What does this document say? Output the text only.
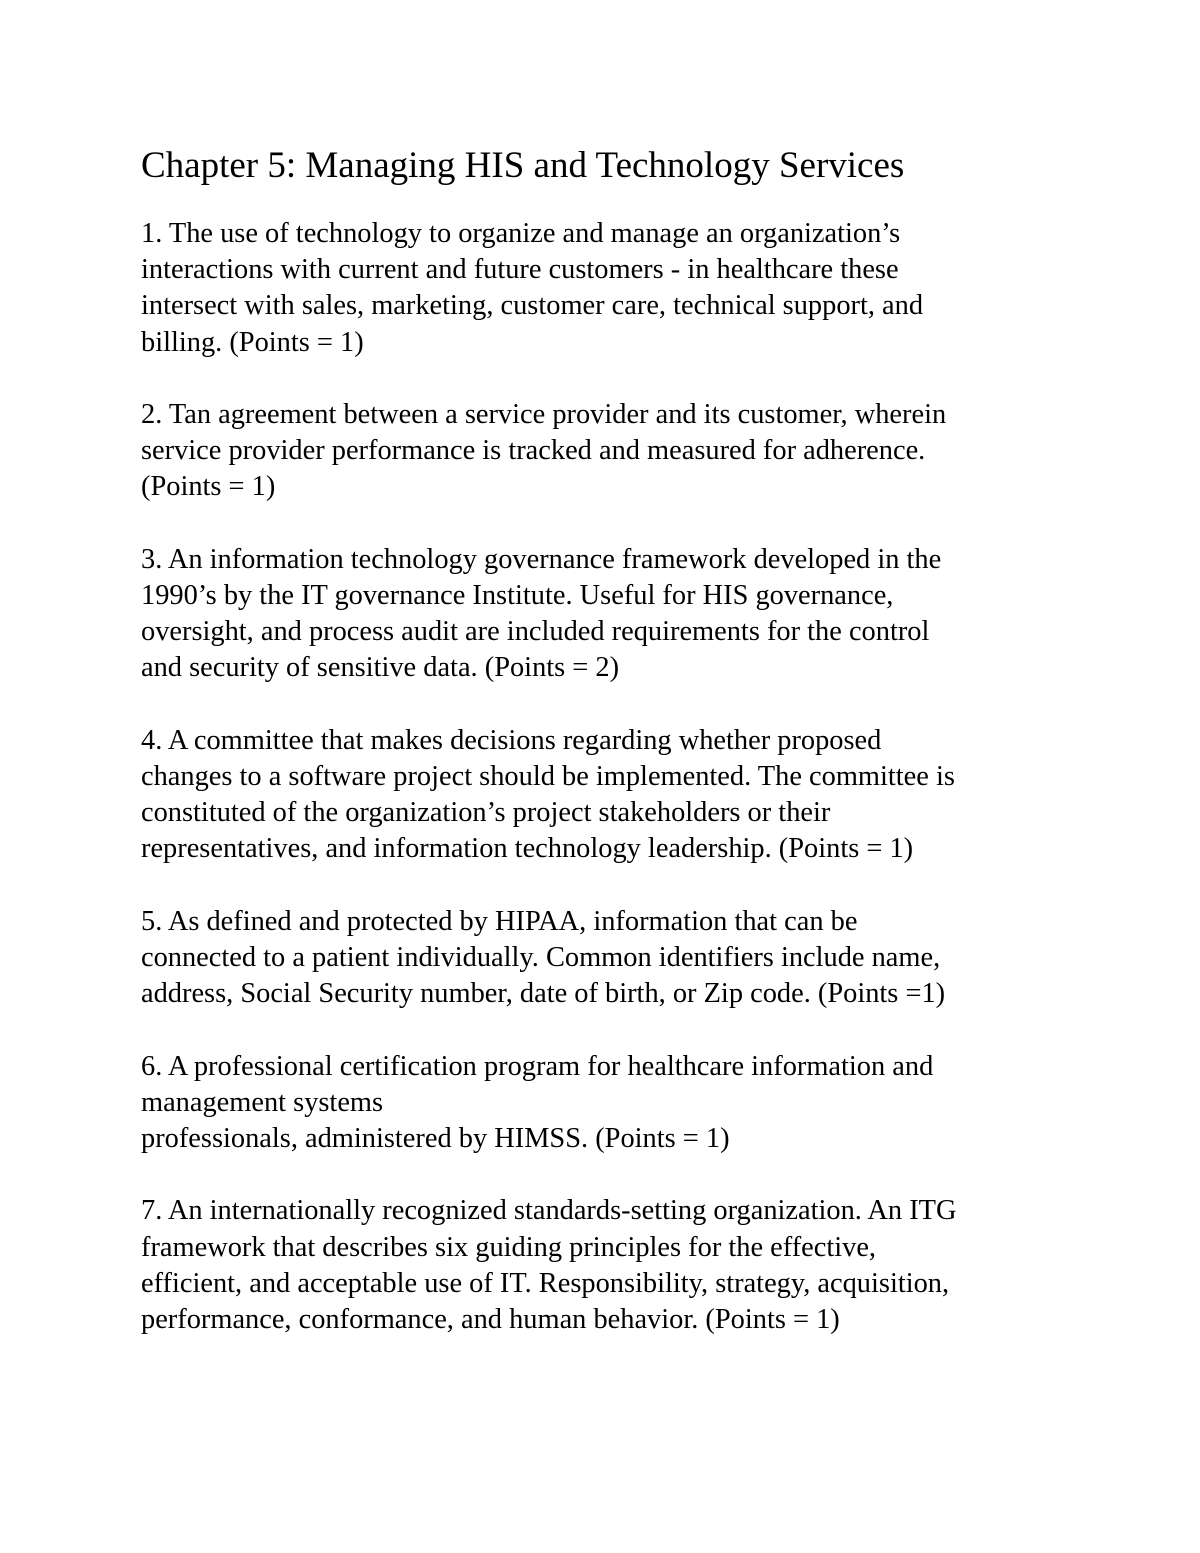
Chapter 5: Managing HIS and Technology Services
1. The use of technology to organize and manage an organization’s
interactions with current and future customers - in healthcare these
intersect with sales, marketing, customer care, technical support, and
billing. (Points = 1)
2. Tan agreement between a service provider and its customer, wherein
service provider performance is tracked and measured for adherence.
(Points = 1)
3. An information technology governance framework developed in the
1990’s by the IT governance Institute. Useful for HIS governance,
oversight, and process audit are included requirements for the control
and security of sensitive data. (Points = 2)
4. A committee that makes decisions regarding whether proposed
changes to a software project should be implemented. The committee is
constituted of the organization’s project stakeholders or their
representatives, and information technology leadership. (Points = 1)
5. As defined and protected by HIPAA, information that can be
connected to a patient individually. Common identifiers include name,
address, Social Security number, date of birth, or Zip code. (Points =1)
6. A professional certification program for healthcare information and
management systems
professionals, administered by HIMSS. (Points = 1)
7. An internationally recognized standards-setting organization. An ITG
framework that describes six guiding principles for the effective,
efficient, and acceptable use of IT. Responsibility, strategy, acquisition,
performance, conformance, and human behavior. (Points = 1)
